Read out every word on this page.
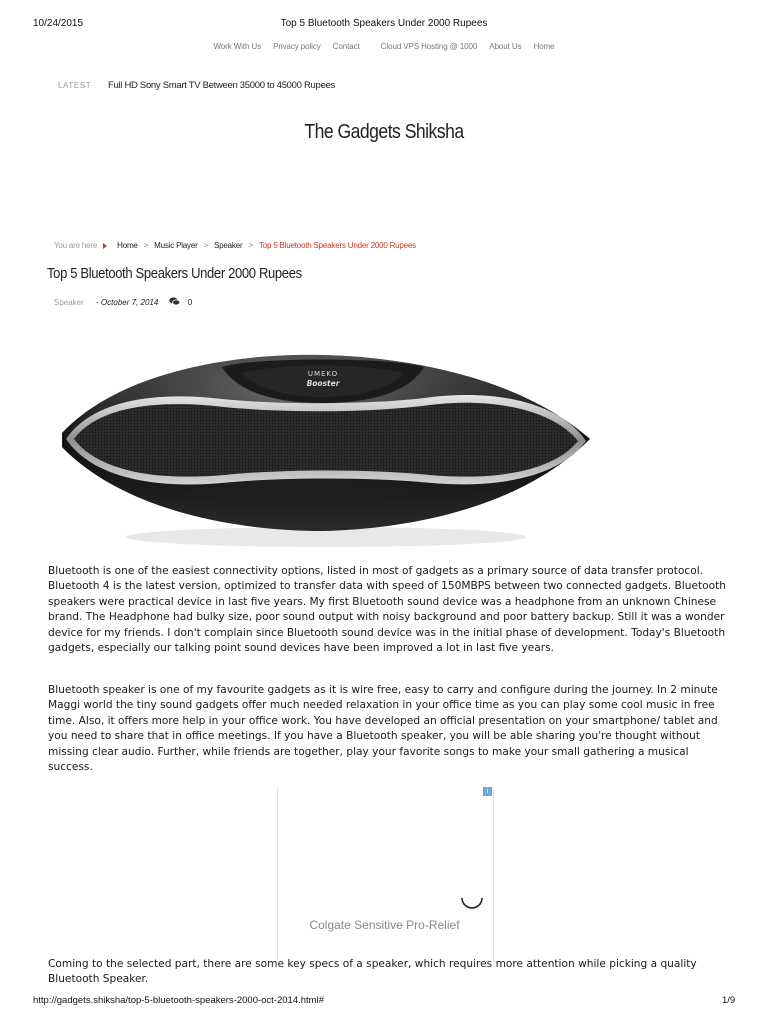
10/24/2015	Top 5 Bluetooth Speakers Under 2000 Rupees
Work With Us Privacy policy Contact	Cloud VPS Hosting @ 1000 About Us Home
LATEST Full HD Sony Smart TV Between 35000 to 45000 Rupees
The Gadgets Shiksha
You are here	Home > Music Player > Speaker > Top 5 Bluetooth Speakers Under 2000 Rupees
Top 5 Bluetooth Speakers Under 2000 Rupees
Speaker - October 7, 2014	0
UMEKO
Booster

Bluetooth is one of the easiest connectivity options, listed in most of gadgets as a primary source of data transfer protocol. Bluetooth 4 is the latest version, optimized to transfer data with speed of 150MBPS between two connected gadgets. Bluetooth speakers were practical device in last five years. My first Bluetooth sound device was a headphone from an unknown Chinese brand. The Headphone had bulky size, poor sound output with noisy background and poor battery backup. Still it was a wonder device for my friends. I don't complain since Bluetooth sound device was in the initial phase of development. Today's Bluetooth gadgets, especially our talking point sound devices have been improved a lot in last five years.

Bluetooth speaker is one of my favourite gadgets as it is wire free, easy to carry and configure during the journey. In 2 minute Maggi world the tiny sound gadgets offer much needed relaxation in your office time as you can play some cool music in free time. Also, it offers more help in your office work. You have developed an official presentation on your smartphone/ tablet and you need to share that in office meetings. If you have a Bluetooth speaker, you will be able sharing you're thought without missing clear audio. Further, while friends are together, play your favorite songs to make your small gathering a musical success.

i
Colgate Sensitive Pro-Relief

Coming to the selected part, there are some key specs of a speaker, which requires more attention while picking a quality Bluetooth Speaker.

http://gadgets.shiksha/top-5-bluetooth-speakers-2000-oct-2014.html#	1/9
